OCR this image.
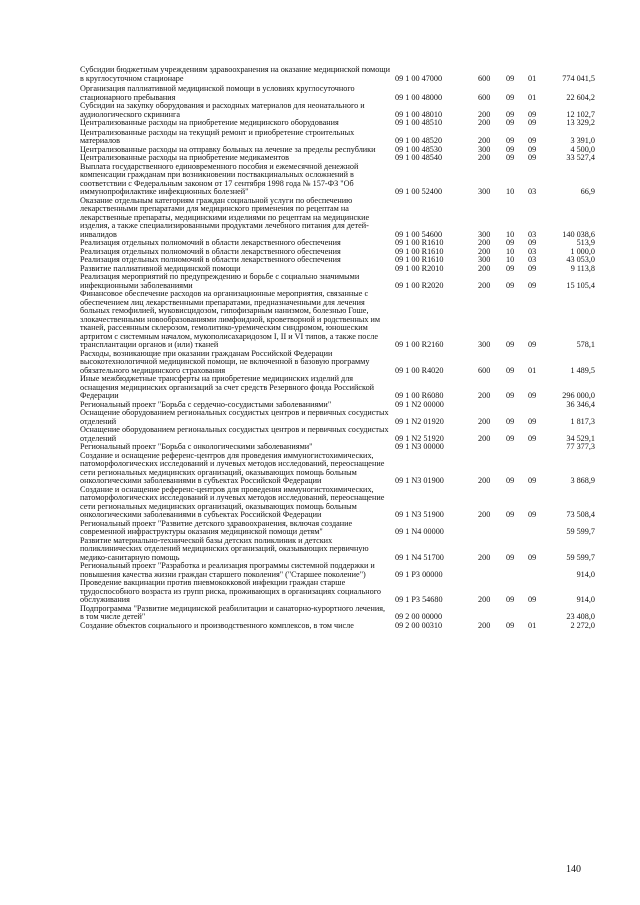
Субсидии бюджетным учреждениям здравоохранения на оказание медицинской помощи в круглосуточном стационаре	09 1 00 47000	600	09	01	774 041,5
Организация паллиативной медицинской помощи в условиях круглосуточного стационарного пребывания	09 1 00 48000	600	09	01	22 604,2
Субсидии на закупку оборудования и расходных материалов для неонатального и аудиологического скрининга	09 1 00 48010	200	09	09	12 102,7
Централизованные расходы на приобретение медицинского оборудования	09 1 00 48510	200	09	09	13 329,2
Централизованные расходы на текущий ремонт и приобретение строительных материалов	09 1 00 48520	200	09	09	3 391,0
Централизованные расходы на отправку больных на лечение за пределы республики	09 1 00 48530	300	09	09	4 500,0
Централизованные расходы на приобретение медикаментов	09 1 00 48540	200	09	09	33 527,4
Выплата государственного единовременного пособия и ежемесячной денежной компенсации гражданам при возникновении поствакцинальных осложнений в соответствии с Федеральным законом от 17 сентября 1998 года № 157-ФЗ "Об иммунопрофилактике инфекционных болезней"	09 1 00 52400	300	10	03	66,9
Оказание отдельным категориям граждан социальной услуги по обеспечению лекарственными препаратами для медицинского применения по рецептам на лекарственные препараты, медицинскими изделиями по рецептам на медицинские изделия, а также специализированными продуктами лечебного питания для детей-инвалидов	09 1 00 54600	300	10	03	140 038,6
Реализация отдельных полномочий в области лекарственного обеспечения	09 1 00 R1610	200	09	09	513,9
Реализация отдельных полномочий в области лекарственного обеспечения	09 1 00 R1610	200	10	03	1 000,0
Реализация отдельных полномочий в области лекарственного обеспечения	09 1 00 R1610	300	10	03	43 053,0
Развитие паллиативной медицинской помощи	09 1 00 R2010	200	09	09	9 113,8
Реализация мероприятий по предупреждению и борьбе с социально значимыми инфекционными заболеваниями	09 1 00 R2020	200	09	09	15 105,4
Финансовое обеспечение расходов на организационные мероприятия, связанные с обеспечением лиц лекарственными препаратами, предназначенными для лечения больных гемофилией, муковисцидозом, гипофизарным нанизмом, болезнью Гоше, злокачественными новообразованиями лимфоидной, кроветворной и родственных им тканей, рассеянным склерозом, гемолитико-уремическим синдромом, юношеским артритом с системным началом, мукополисахаридозом I, II и VI типов, а также после трансплантации органов и (или) тканей	09 1 00 R2160	300	09	09	578,1
Расходы, возникающие при оказании гражданам Российской Федерации высокотехнологичной медицинской помощи, не включенной в базовую программу обязательного медицинского страхования	09 1 00 R4020	600	09	01	1 489,5
Иные межбюджетные трансферты на приобретение медицинских изделий для оснащения медицинских организаций за счет средств Резервного фонда Российской Федерации	09 1 00 R6080	200	09	09	296 000,0
Региональный проект "Борьба с сердечно-сосудистыми заболеваниями"	09 1 N2 00000	36 346,4
Оснащение оборудованием региональных сосудистых центров и первичных сосудистых отделений	09 1 N2 01920	200	09	09	1 817,3
Оснащение оборудованием региональных сосудистых центров и первичных сосудистых отделений	09 1 N2 51920	200	09	09	34 529,1
Региональный проект "Борьба с онкологическими заболеваниями"	09 1 N3 00000	77 377,3
Создание и оснащение референс-центров для проведения иммуногистохимических, патоморфологических исследований и лучевых методов исследований, переоснащение сети региональных медицинских организаций, оказывающих помощь больным онкологическими заболеваниями в субъектах Российской Федерации	09 1 N3 01900	200	09	09	3 868,9
Создание и оснащение референс-центров для проведения иммуногистохимических, патоморфологических исследований и лучевых методов исследований, переоснащение сети региональных медицинских организаций, оказывающих помощь больным онкологическими заболеваниями в субъектах Российской Федерации	09 1 N3 51900	200	09	09	73 508,4
Региональный проект "Развитие детского здравоохранения, включая создание современной инфраструктуры оказания медицинской помощи детям"	09 1 N4 00000	59 599,7
Развитие материально-технической базы детских поликлиник и детских поликлинических отделений медицинских организаций, оказывающих первичную медико-санитарную помощь	09 1 N4 51700	200	09	09	59 599,7
Региональный проект "Разработка и реализация программы системной поддержки и повышения качества жизни граждан старшего поколения" ("Старшее поколение")	09 1 P3 00000	914,0
Проведение вакцинации против пневмококковой инфекции граждан старше трудоспособного возраста из групп риска, проживающих в организациях социального обслуживания	09 1 P3 54680	200	09	09	914,0
Подпрограмма "Развитие медицинской реабилитации и санаторно-курортного лечения, в том числе детей"	09 2 00 00000	23 408,0
Создание объектов социального и производственного комплексов, в том числе	09 2 00 00310	200	09	01	2 272,0
140
